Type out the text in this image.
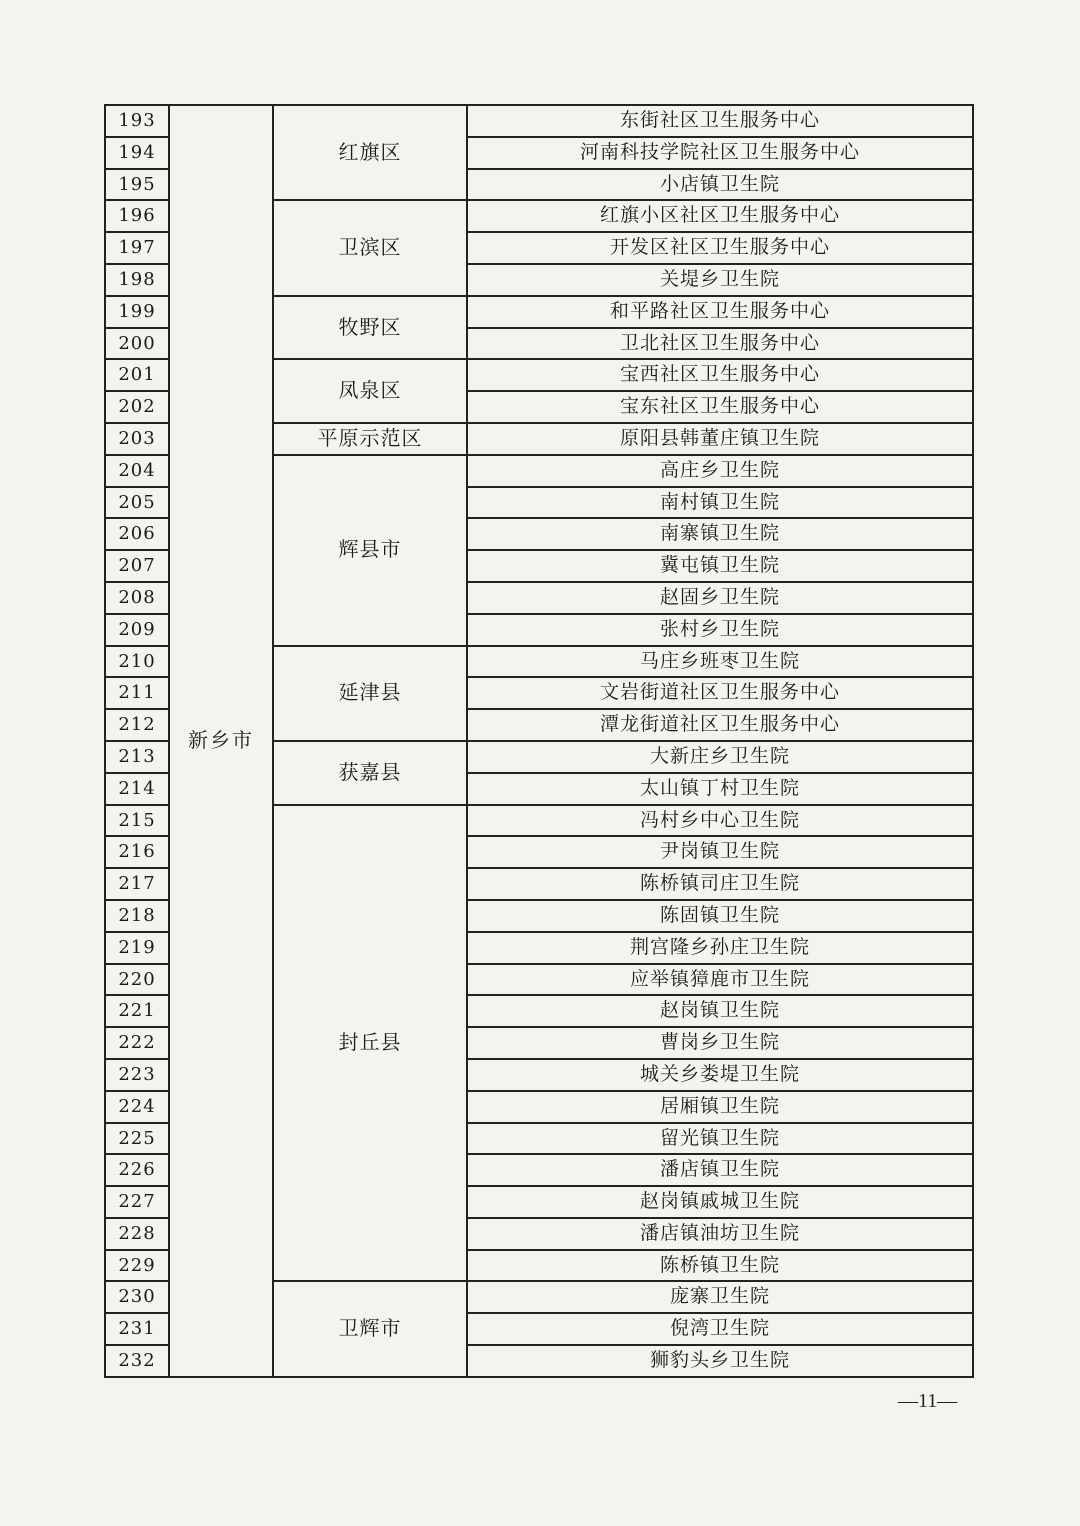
193	新乡市	红旗区	东街社区卫生服务中心
194			河南科技学院社区卫生服务中心
195			小店镇卫生院
196		卫滨区	红旗小区社区卫生服务中心
197			开发区社区卫生服务中心
198			关堤乡卫生院
199		牧野区	和平路社区卫生服务中心
200			卫北社区卫生服务中心
201		凤泉区	宝西社区卫生服务中心
202			宝东社区卫生服务中心
203		平原示范区	原阳县韩董庄镇卫生院
204		辉县市	高庄乡卫生院
205			南村镇卫生院
206			南寨镇卫生院
207			冀屯镇卫生院
208			赵固乡卫生院
209			张村乡卫生院
210		延津县	马庄乡班枣卫生院
211			文岩街道社区卫生服务中心
212			潭龙街道社区卫生服务中心
213		获嘉县	大新庄乡卫生院
214			太山镇丁村卫生院
215		封丘县	冯村乡中心卫生院
216			尹岗镇卫生院
217			陈桥镇司庄卫生院
218			陈固镇卫生院
219			荆宫隆乡孙庄卫生院
220			应举镇獐鹿市卫生院
221			赵岗镇卫生院
222			曹岗乡卫生院
223			城关乡娄堤卫生院
224			居厢镇卫生院
225			留光镇卫生院
226			潘店镇卫生院
227			赵岗镇戚城卫生院
228			潘店镇油坊卫生院
229			陈桥镇卫生院
230		卫辉市	庞寨卫生院
231			倪湾卫生院
232			狮豹头乡卫生院
—11—
